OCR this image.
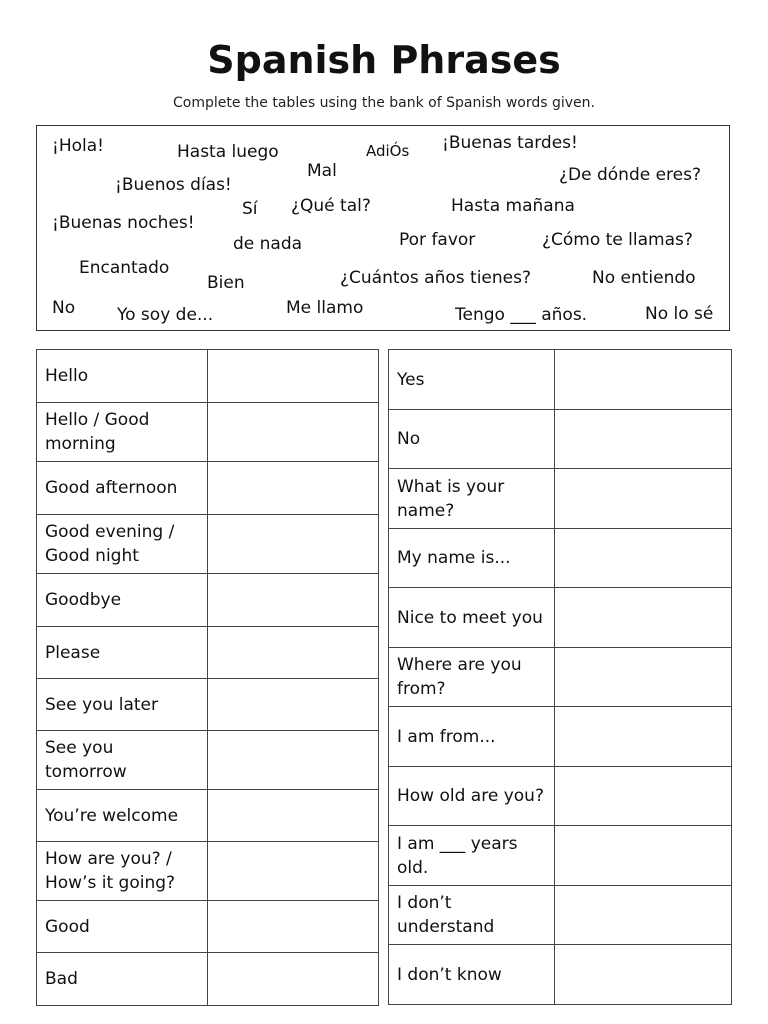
Spanish Phrases
Complete the tables using the bank of Spanish words given.
¡Hola!	Hasta luego
Mal
AdiÓs ¡Buenas tardes!
¡Buenos días!	¿De dónde eres?
Sí ¿Qué tal?	Hasta mañana
¡Buenas noches!
de nada	Por favor	¿Cómo te llamas?
Encantado
Bien	¿Cuántos años tienes?	No entiendo
No Yo soy de...	Me llamo	Tengo ___ años.	No lo sé
Hello	
Hello / Good morning	
Good afternoon	
Good evening / Good night	
Goodbye	
Please	
See you later	
See you tomorrow	
You’re welcome	
How are you? / How’s it going?	
Good	
Bad	
Yes	
No	
What is your name?	
My name is...	
Nice to meet you	
Where are you from?	
I am from...	
How old are you?	
I am ___ years old.	
I don’t understand	
I don’t know	
